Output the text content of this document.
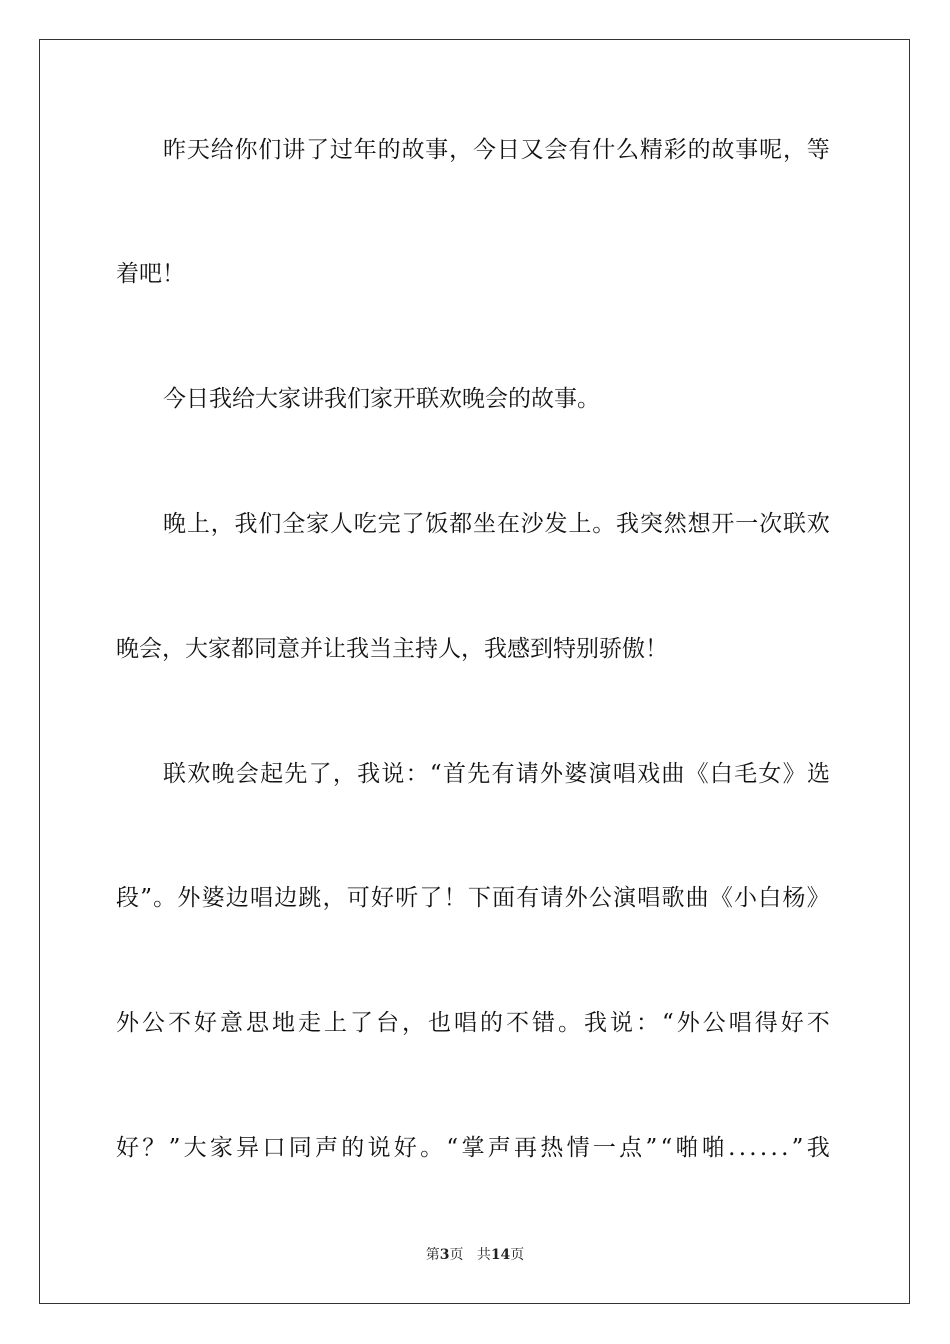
昨 天 给 你 们 讲 了 过 年 的 故 事 ， 今 日 又 会 有 什 么 精 彩 的 故 事 呢 ， 等
着吧！
今日我给大家讲我们家开联欢晚会的故事。
晚 上 ， 我 们 全 家 人 吃 完 了 饭 都 坐 在 沙 发 上 。 我 突 然 想 开 一 次 联 欢
晚会，大家都同意并让我当主持人，我感到特别骄傲！
联 欢 晚 会 起 先 了 ， 我 说 ： “ 首 先 有 请 外 婆 演 唱 戏 曲 《 白 毛 女 》 选
段 ” 。 外 婆 边 唱 边 跳 ， 可 好 听 了 ！ 下 面 有 请 外 公 演 唱 歌 曲 《 小 白 杨 》
外 公 不 好 意 思 地 走 上 了 台 ， 也 唱 的 不 错 。 我 说 ： “ 外 公 唱 得 好 不
好 ？ ” 大 家 异 口 同 声 的 说 好 。 “ 掌 声 再 热 情 一 点 ” “ 啪 啪 . . . . . . ” 我
第3页 共14页
